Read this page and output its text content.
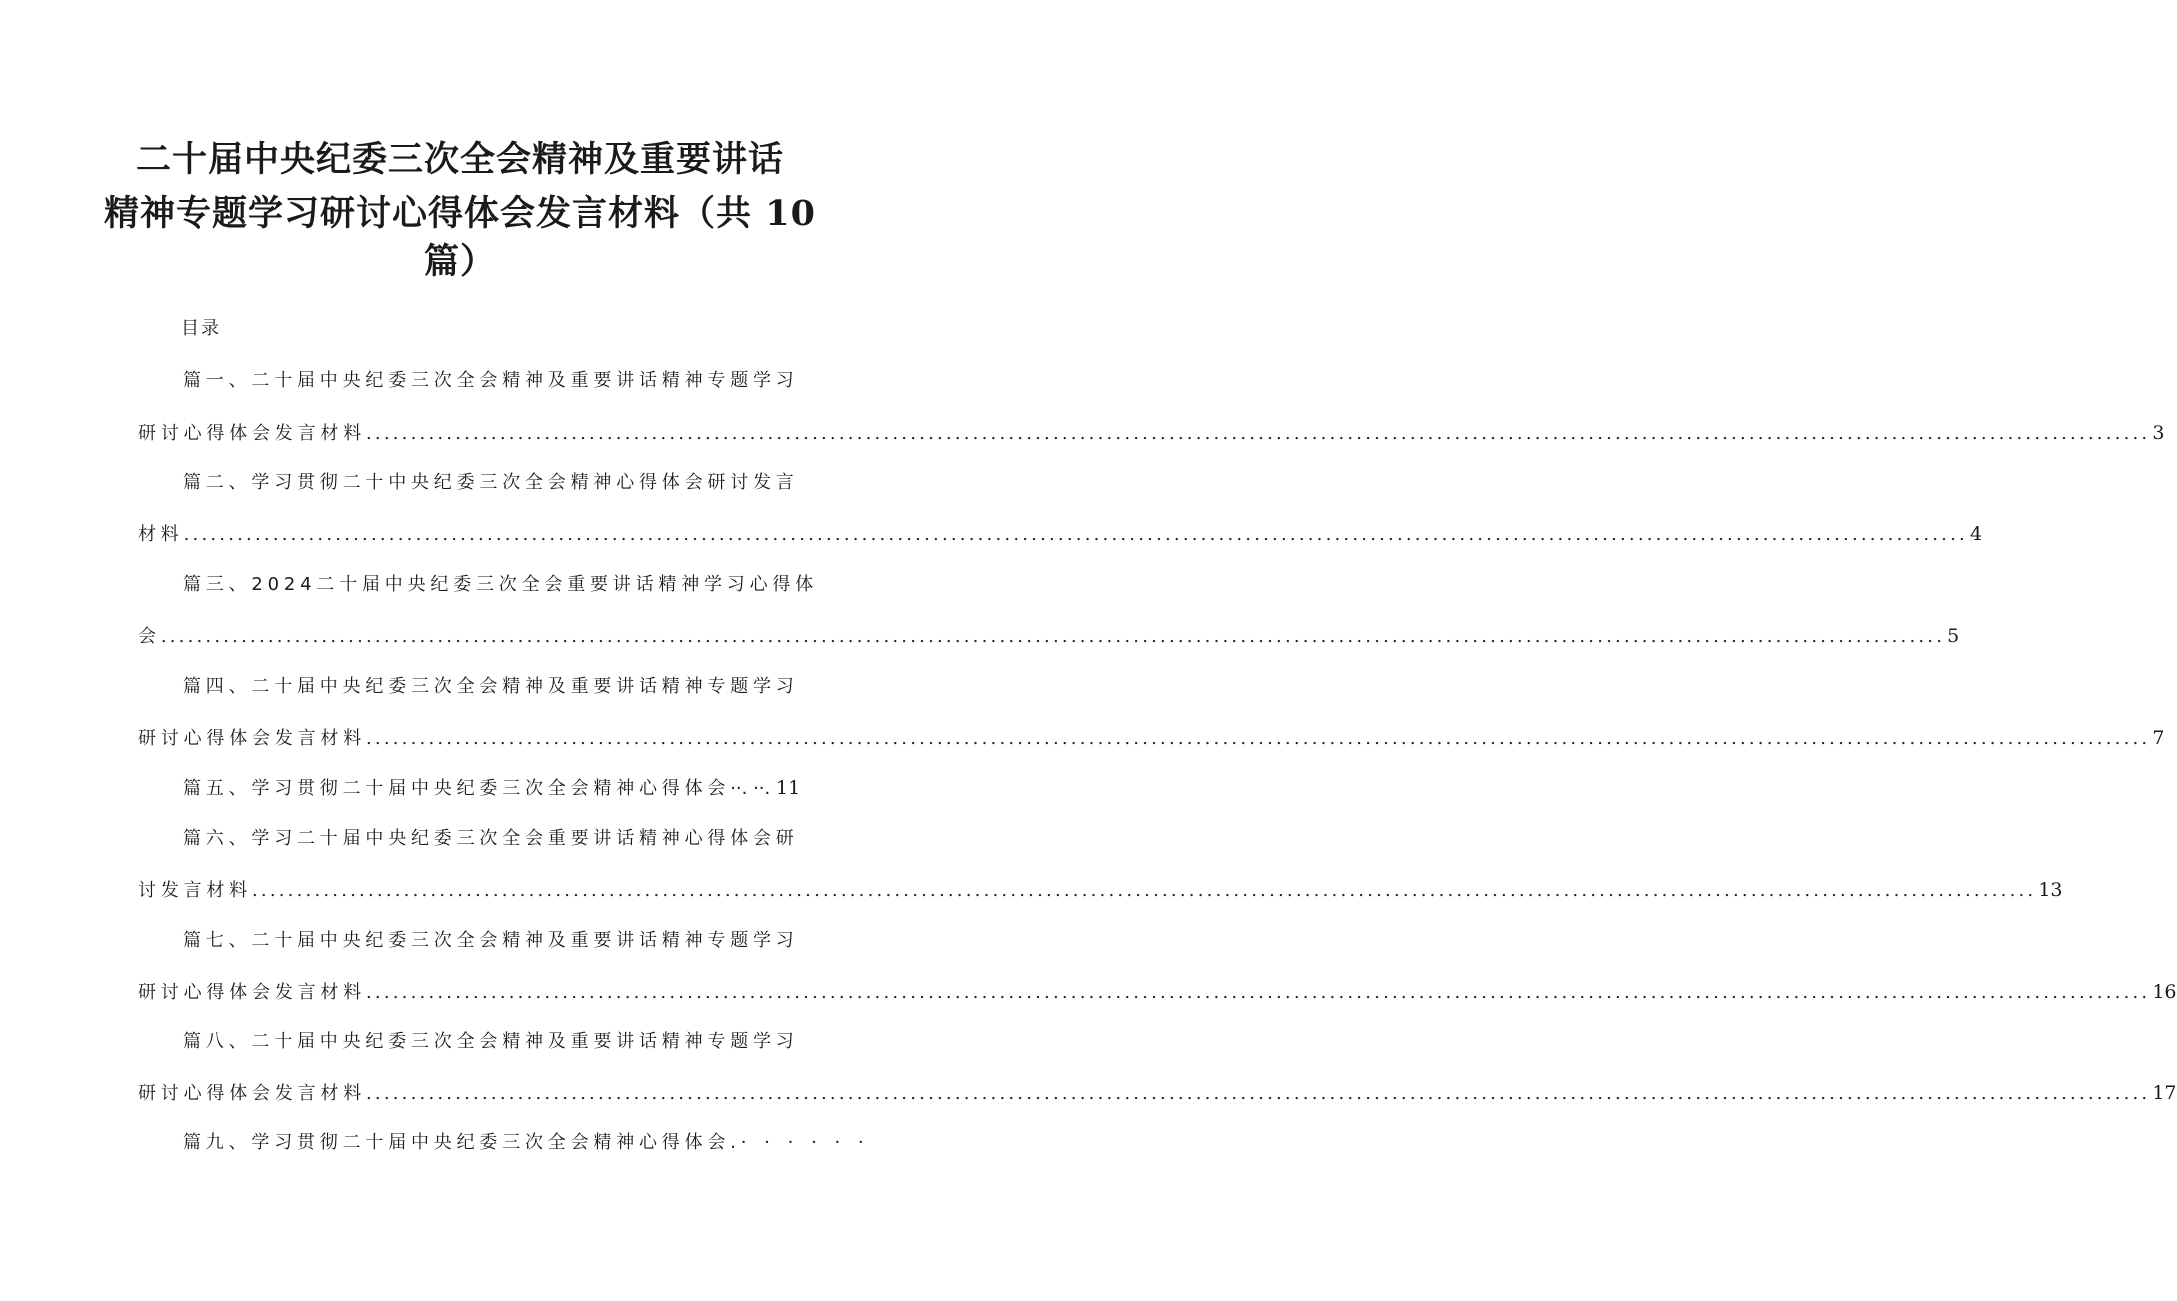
二十届中央纪委三次全会精神及重要讲话
精神专题学习研讨心得体会发言材料（共 10
篇）
目录
篇一、二十届中央纪委三次全会精神及重要讲话精神专题学习
研讨心得体会发言材料 ........................................................................................................................................................................................................ 3
篇二、学习贯彻二十中央纪委三次全会精神心得体会研讨发言
材料 ........................................................................................................................................................................................................ 4
篇三、2024二十届中央纪委三次全会重要讲话精神学习心得体
会 ........................................................................................................................................................................................................ 5
篇四、二十届中央纪委三次全会精神及重要讲话精神专题学习
研讨心得体会发言材料 ........................................................................................................................................................................................................ 7
篇五、学习贯彻二十届中央纪委三次全会精神心得体会··. ··. 11
篇六、学习二十届中央纪委三次全会重要讲话精神心得体会研
讨发言材料 ........................................................................................................................................................................................................ 13
篇七、二十届中央纪委三次全会精神及重要讲话精神专题学习
研讨心得体会发言材料 ........................................................................................................................................................................................................ 16
篇八、二十届中央纪委三次全会精神及重要讲话精神专题学习
研讨心得体会发言材料 ........................................................................................................................................................................................................ 17
篇九、学习贯彻二十届中央纪委三次全会精神心得体会.· · · · · ·
